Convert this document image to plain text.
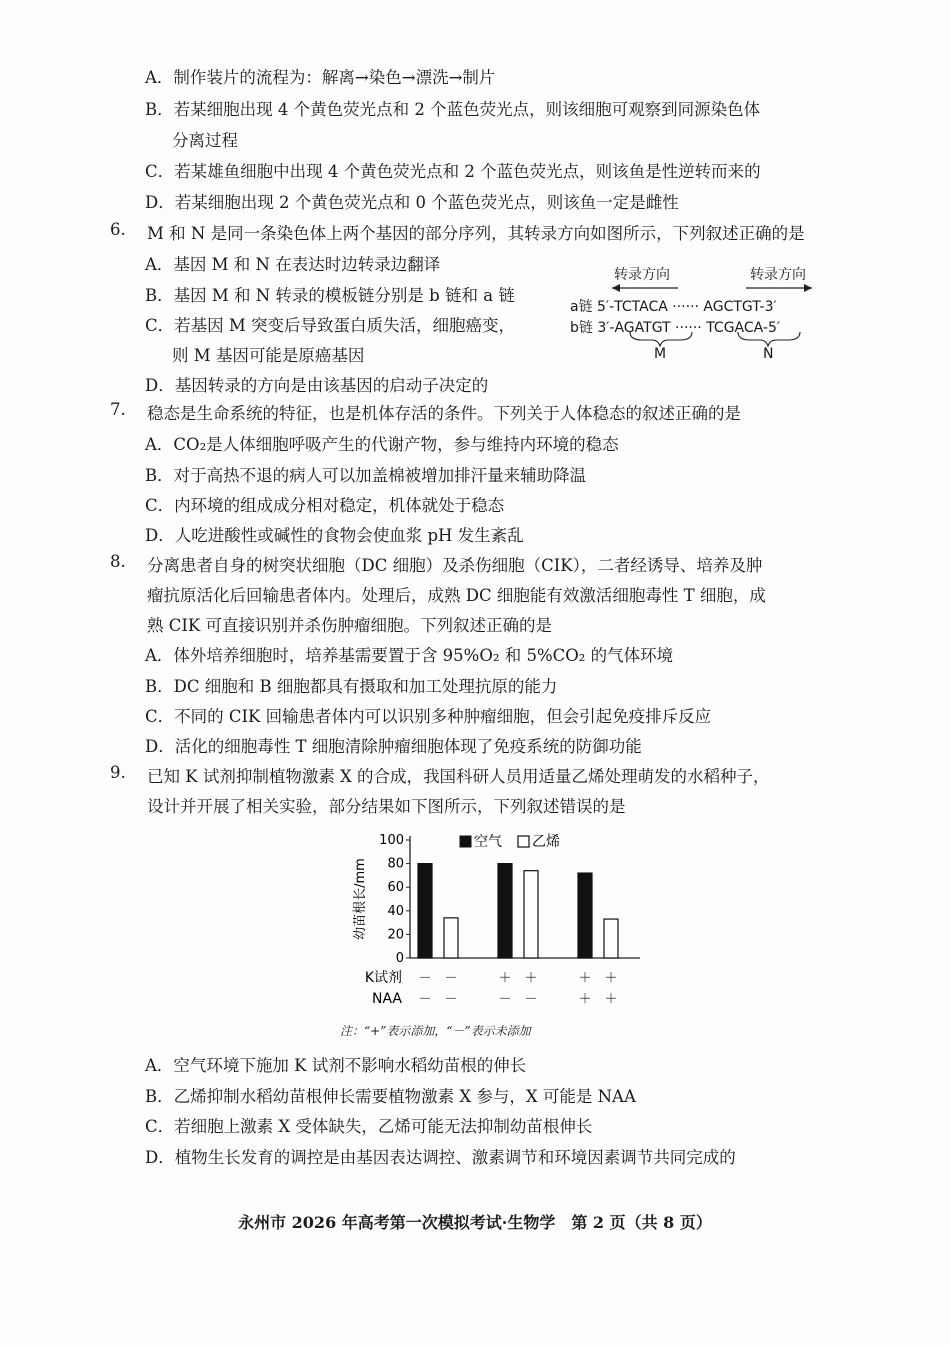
A．制作装片的流程为：解离→染色→漂洗→制片
B．若某细胞出现 4 个黄色荧光点和 2 个蓝色荧光点，则该细胞可观察到同源染色体
分离过程
C．若某雄鱼细胞中出现 4 个黄色荧光点和 2 个蓝色荧光点，则该鱼是性逆转而来的
D．若某细胞出现 2 个黄色荧光点和 0 个蓝色荧光点，则该鱼一定是雌性
6. M 和 N 是同一条染色体上两个基因的部分序列，其转录方向如图所示，下列叙述正确的是
A．基因 M 和 N 在表达时边转录边翻译
B．基因 M 和 N 转录的模板链分别是 b 链和 a 链
C．若基因 M 突变后导致蛋白质失活，细胞癌变，
则 M 基因可能是原癌基因
D．基因转录的方向是由该基因的启动子决定的
转录方向	转录方向
a链 5′-TCTACA ······ AGCTGT-3′
b链 3′-AGATGT ······ TCGACA-5′
M	N
7. 稳态是生命系统的特征，也是机体存活的条件。下列关于人体稳态的叙述正确的是
A．CO₂是人体细胞呼吸产生的代谢产物，参与维持内环境的稳态
B．对于高热不退的病人可以加盖棉被增加排汗量来辅助降温
C．内环境的组成成分相对稳定，机体就处于稳态
D．人吃进酸性或碱性的食物会使血浆 pH 发生紊乱
8. 分离患者自身的树突状细胞（DC 细胞）及杀伤细胞（CIK），二者经诱导、培养及肿
瘤抗原活化后回输患者体内。处理后，成熟 DC 细胞能有效激活细胞毒性 T 细胞，成
熟 CIK 可直接识别并杀伤肿瘤细胞。下列叙述正确的是
A．体外培养细胞时，培养基需要置于含 95%O₂ 和 5%CO₂ 的气体环境
B．DC 细胞和 B 细胞都具有摄取和加工处理抗原的能力
C．不同的 CIK 回输患者体内可以识别多种肿瘤细胞，但会引起免疫排斥反应
D．活化的细胞毒性 T 细胞清除肿瘤细胞体现了免疫系统的防御功能
9. 已知 K 试剂抑制植物激素 X 的合成，我国科研人员用适量乙烯处理萌发的水稻种子，
设计并开展了相关实验，部分结果如下图所示，下列叙述错误的是
100
80
60
40
20
0
幼苗根长/mm
空气 乙烯
－
－
－
－
＋
－
＋
－
＋
＋
＋
＋
K试剂
NAA
注：“+”表示添加，“－”表示未添加
A．空气环境下施加 K 试剂不影响水稻幼苗根的伸长
B．乙烯抑制水稻幼苗根伸长需要植物激素 X 参与，X 可能是 NAA
C．若细胞上激素 X 受体缺失，乙烯可能无法抑制幼苗根伸长
D．植物生长发育的调控是由基因表达调控、激素调节和环境因素调节共同完成的
永州市 2026 年高考第一次模拟考试·生物学　第 2 页（共 8 页）
